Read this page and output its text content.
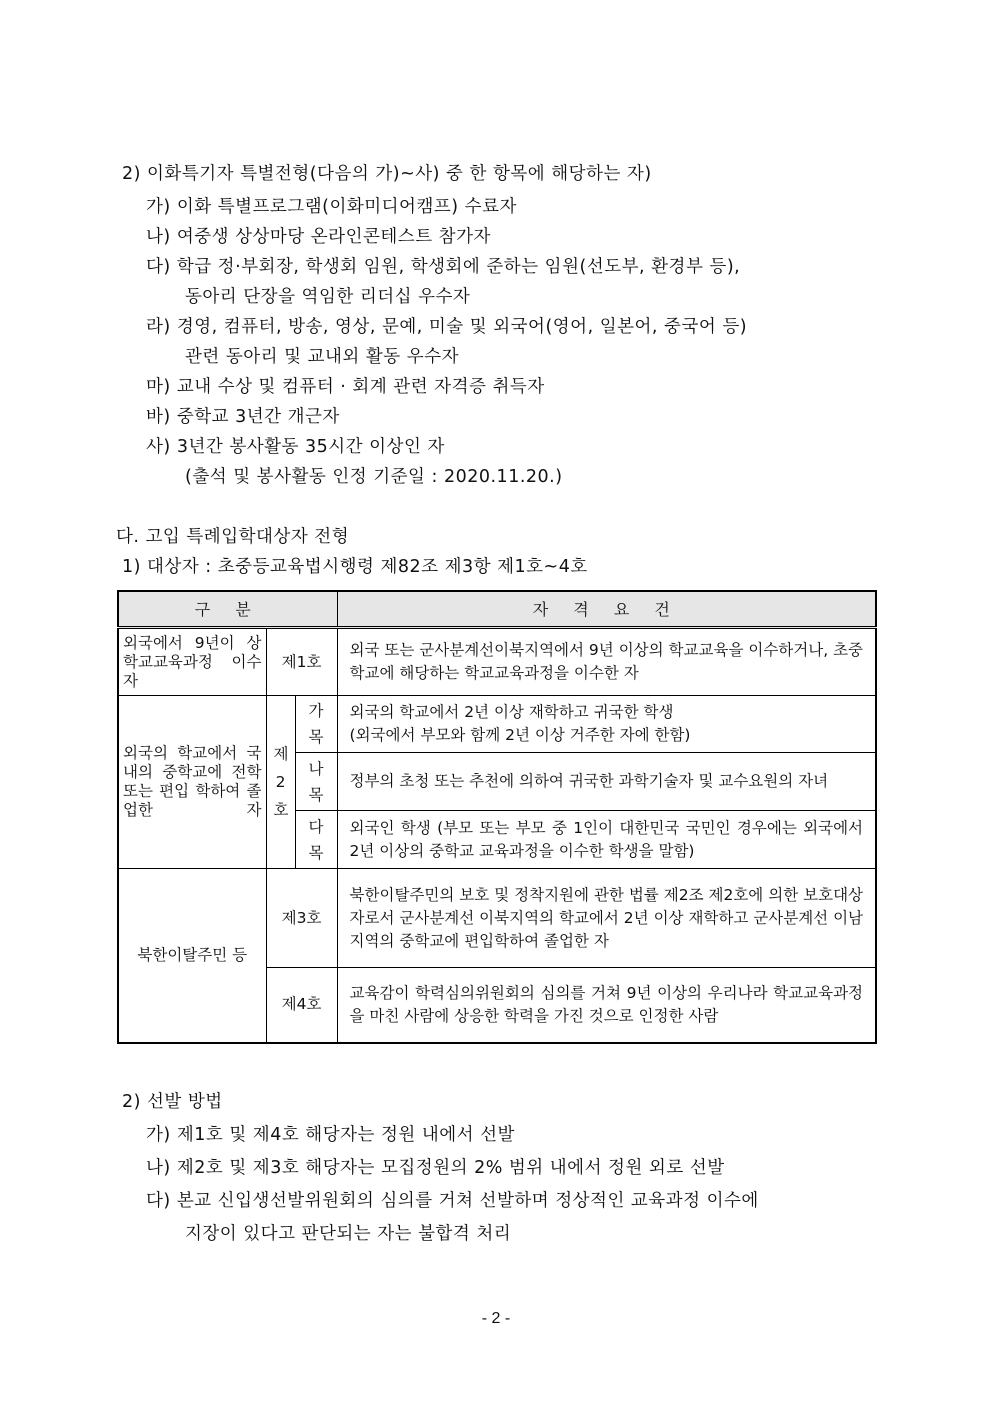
2) 이화특기자 특별전형(다음의 가)~사) 중 한 항목에 해당하는 자)
가) 이화 특별프로그램(이화미디어캠프) 수료자
나) 여중생 상상마당 온라인콘테스트 참가자
다) 학급 정·부회장, 학생회 임원, 학생회에 준하는 임원(선도부, 환경부 등),
동아리 단장을 역임한 리더십 우수자
라) 경영, 컴퓨터, 방송, 영상, 문예, 미술 및 외국어(영어, 일본어, 중국어 등)
관련 동아리 및 교내외 활동 우수자
마) 교내 수상 및 컴퓨터 · 회계 관련 자격증 취득자
바) 중학교 3년간 개근자
사) 3년간 봉사활동 35시간 이상인 자
(출석 및 봉사활동 인정 기준일 : 2020.11.20.)
다. 고입 특례입학대상자 전형
1) 대상자 : 초중등교육법시행령 제82조 제3항 제1호~4호
구 분			자 격 요 건
외국에서 9년이 상 학교교육과정 이수자	제1호		외국 또는 군사분계선이북지역에서 9년 이상의 학교교육을 이수하거나, 초중학교에 해당하는 학교교육과정을 이수한 자
외국의 학교에서 국내의 중학교에 전학 또는 편입 학하여 졸업한 자	제 2 호	가 목	외국의 학교에서 2년 이상 재학하고 귀국한 학생
(외국에서 부모와 함께 2년 이상 거주한 자에 한함)

		나 목	정부의 초청 또는 추천에 의하여 귀국한 과학기술자 및 교수요원의 자녀
		다 목	외국인 학생 (부모 또는 부모 중 1인이 대한민국 국민인 경우에는 외국에서 2년 이상의 중학교 교육과정을 이수한 학생을 말함)
북한이탈주민 등	제3호		북한이탈주민의 보호 및 정착지원에 관한 법률 제2조 제2호에 의한 보호대상자로서 군사분계선 이북지역의 학교에서 2년 이상 재학하고 군사분계선 이남지역의 중학교에 편입학하여 졸업한 자
	제4호		교육감이 학력심의위원회의 심의를 거쳐 9년 이상의 우리나라 학교교육과정을 마친 사람에 상응한 학력을 가진 것으로 인정한 사람
2) 선발 방법
가) 제1호 및 제4호 해당자는 정원 내에서 선발
나) 제2호 및 제3호 해당자는 모집정원의 2% 범위 내에서 정원 외로 선발
다) 본교 신입생선발위원회의 심의를 거쳐 선발하며 정상적인 교육과정 이수에
지장이 있다고 판단되는 자는 불합격 처리
- 2 -
